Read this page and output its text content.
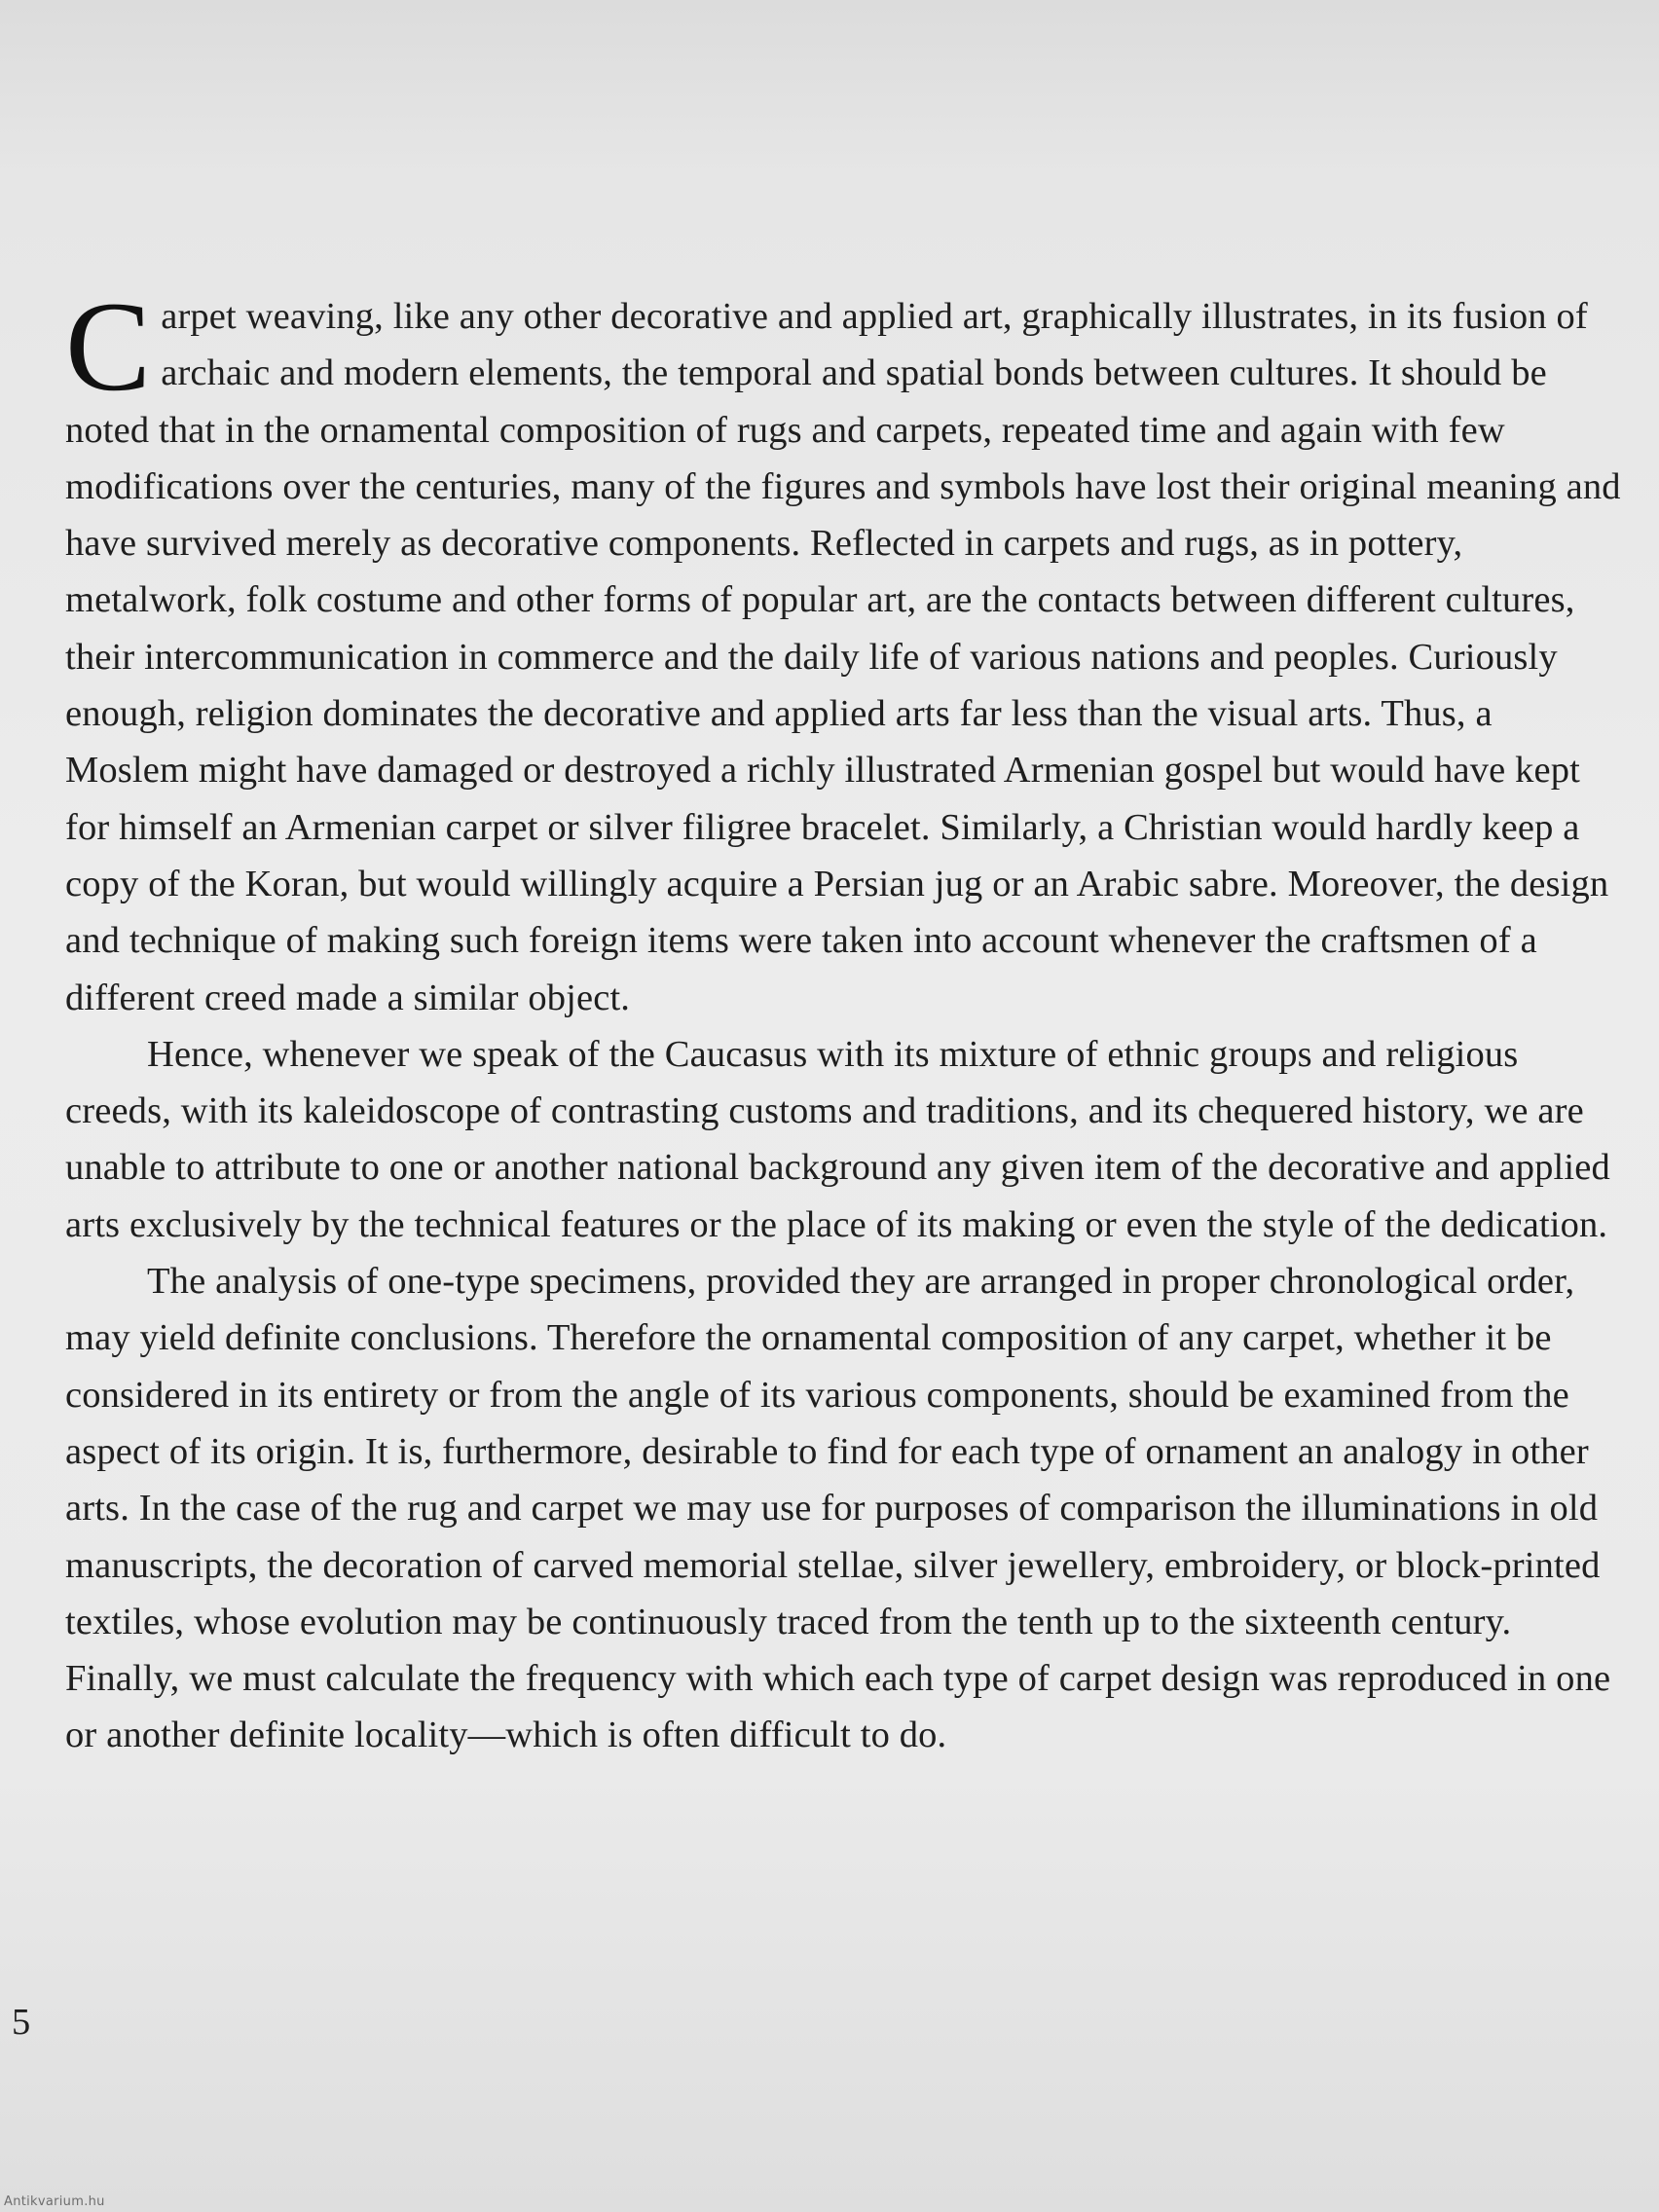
Carpet weaving, like any other decorative and applied art, graphically illustrates, in its fusion of archaic and modern elements, the temporal and spatial bonds between cultures. It should be noted that in the ornamental composition of rugs and carpets, repeated time and again with few modifications over the centuries, many of the figures and symbols have lost their original meaning and have survived merely as decorative components. Reflected in carpets and rugs, as in pottery, metalwork, folk costume and other forms of popular art, are the contacts between different cultures, their intercommunication in commerce and the daily life of various nations and peoples. Curiously enough, religion dominates the decorative and applied arts far less than the visual arts. Thus, a Moslem might have damaged or destroyed a richly illustrated Armenian gospel but would have kept for himself an Armenian carpet or silver filigree bracelet. Similarly, a Christian would hardly keep a copy of the Koran, but would willingly acquire a Persian jug or an Arabic sabre. Moreover, the design and technique of making such foreign items were taken into account whenever the craftsmen of a different creed made a similar object.

Hence, whenever we speak of the Caucasus with its mixture of ethnic groups and religious creeds, with its kaleidoscope of contrasting customs and traditions, and its chequered history, we are unable to attribute to one or another national background any given item of the decorative and applied arts exclusively by the technical features or the place of its making or even the style of the dedication.

The analysis of one-type specimens, provided they are arranged in proper chronological order, may yield definite conclusions. Therefore the ornamental composition of any carpet, whether it be considered in its entirety or from the angle of its various components, should be examined from the aspect of its origin. It is, furthermore, desirable to find for each type of ornament an analogy in other arts. In the case of the rug and carpet we may use for purposes of comparison the illuminations in old manuscripts, the decoration of carved memorial stellae, silver jewellery, embroidery, or block-printed textiles, whose evolution may be continuously traced from the tenth up to the sixteenth century. Finally, we must calculate the frequency with which each type of carpet design was reproduced in one or another definite locality—which is often difficult to do.

5
Antikvarium.hu
